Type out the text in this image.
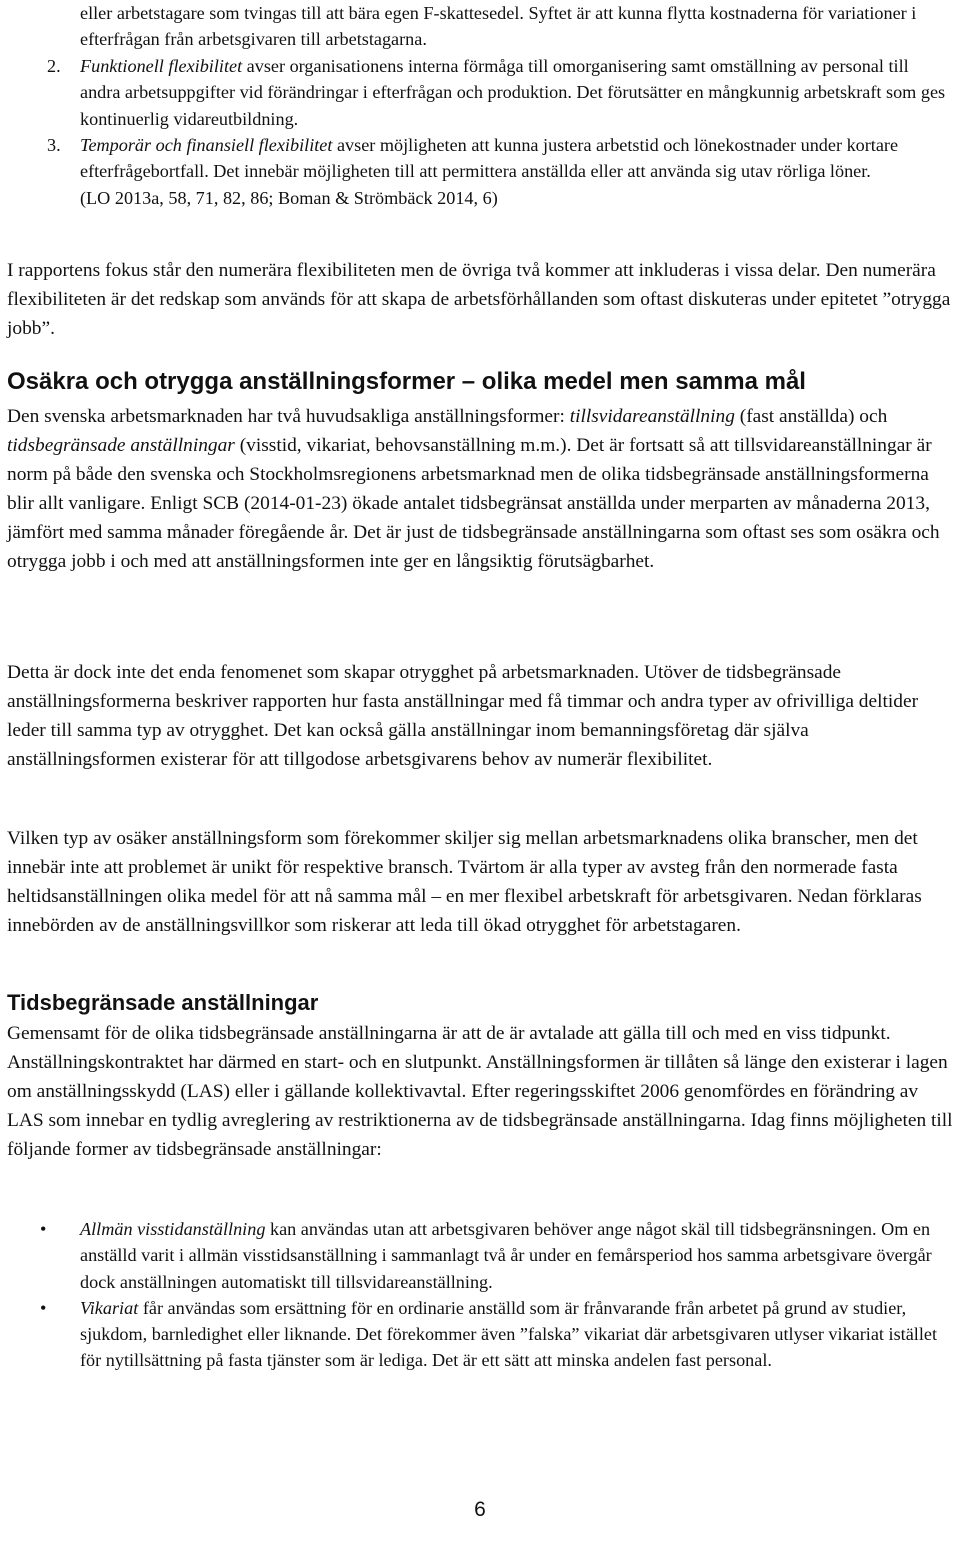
eller arbetstagare som tvingas till att bära egen F-skattesedel. Syftet är att kunna flytta kostnaderna för variationer i efterfrågan från arbetsgivaren till arbetstagarna.
2. Funktionell flexibilitet avser organisationens interna förmåga till omorganisering samt omställning av personal till andra arbetsuppgifter vid förändringar i efterfrågan och produktion. Det förutsätter en mångkunnig arbetskraft som ges kontinuerlig vidareutbildning.
3. Temporär och finansiell flexibilitet avser möjligheten att kunna justera arbetstid och lönekostnader under kortare efterfrågebortfall. Det innebär möjligheten till att permittera anställda eller att använda sig utav rörliga löner.
(LO 2013a, 58, 71, 82, 86; Boman & Strömbäck 2014, 6)

I rapportens fokus står den numerära flexibiliteten men de övriga två kommer att inkluderas i vissa delar. Den numerära flexibiliteten är det redskap som används för att skapa de arbetsförhållanden som oftast diskuteras under epitetet ”otrygga jobb”.

Osäkra och otrygga anställningsformer – olika medel men samma mål

Den svenska arbetsmarknaden har två huvudsakliga anställningsformer: tillsvidareanställning (fast anställda) och tidsbegränsade anställningar (visstid, vikariat, behovsanställning m.m.). Det är fortsatt så att tillsvidareanställningar är norm på både den svenska och Stockholmsregionens arbetsmarknad men de olika tidsbegränsade anställningsformerna blir allt vanligare. Enligt SCB (2014-01-23) ökade antalet tidsbegränsat anställda under merparten av månaderna 2013, jämfört med samma månader föregående år. Det är just de tidsbegränsade anställningarna som oftast ses som osäkra och otrygga jobb i och med att anställningsformen inte ger en långsiktig förutsägbarhet.

Detta är dock inte det enda fenomenet som skapar otrygghet på arbetsmarknaden. Utöver de tidsbegränsade anställningsformerna beskriver rapporten hur fasta anställningar med få timmar och andra typer av ofrivilliga deltider leder till samma typ av otrygghet. Det kan också gälla anställningar inom bemanningsföretag där själva anställningsformen existerar för att tillgodose arbetsgivarens behov av numerär flexibilitet.

Vilken typ av osäker anställningsform som förekommer skiljer sig mellan arbetsmarknadens olika branscher, men det innebär inte att problemet är unikt för respektive bransch. Tvärtom är alla typer av avsteg från den normerade fasta heltidsanställningen olika medel för att nå samma mål – en mer flexibel arbetskraft för arbetsgivaren. Nedan förklaras innebörden av de anställningsvillkor som riskerar att leda till ökad otrygghet för arbetstagaren.

Tidsbegränsade anställningar

Gemensamt för de olika tidsbegränsade anställningarna är att de är avtalade att gälla till och med en viss tidpunkt. Anställningskontraktet har därmed en start- och en slutpunkt. Anställningsformen är tillåten så länge den existerar i lagen om anställningsskydd (LAS) eller i gällande kollektivavtal. Efter regeringsskiftet 2006 genomfördes en förändring av LAS som innebar en tydlig avreglering av restriktionerna av de tidsbegränsade anställningarna. Idag finns möjligheten till följande former av tidsbegränsade anställningar:

• Allmän visstidanställning kan användas utan att arbetsgivaren behöver ange något skäl till tidsbegränsningen. Om en anställd varit i allmän visstidsanställning i sammanlagt två år under en femårsperiod hos samma arbetsgivare övergår dock anställningen automatiskt till tillsvidareanställning.
• Vikariat får användas som ersättning för en ordinarie anställd som är frånvarande från arbetet på grund av studier, sjukdom, barnledighet eller liknande. Det förekommer även ”falska” vikariat där arbetsgivaren utlyser vikariat istället för nytillsättning på fasta tjänster som är lediga. Det är ett sätt att minska andelen fast personal.
6
